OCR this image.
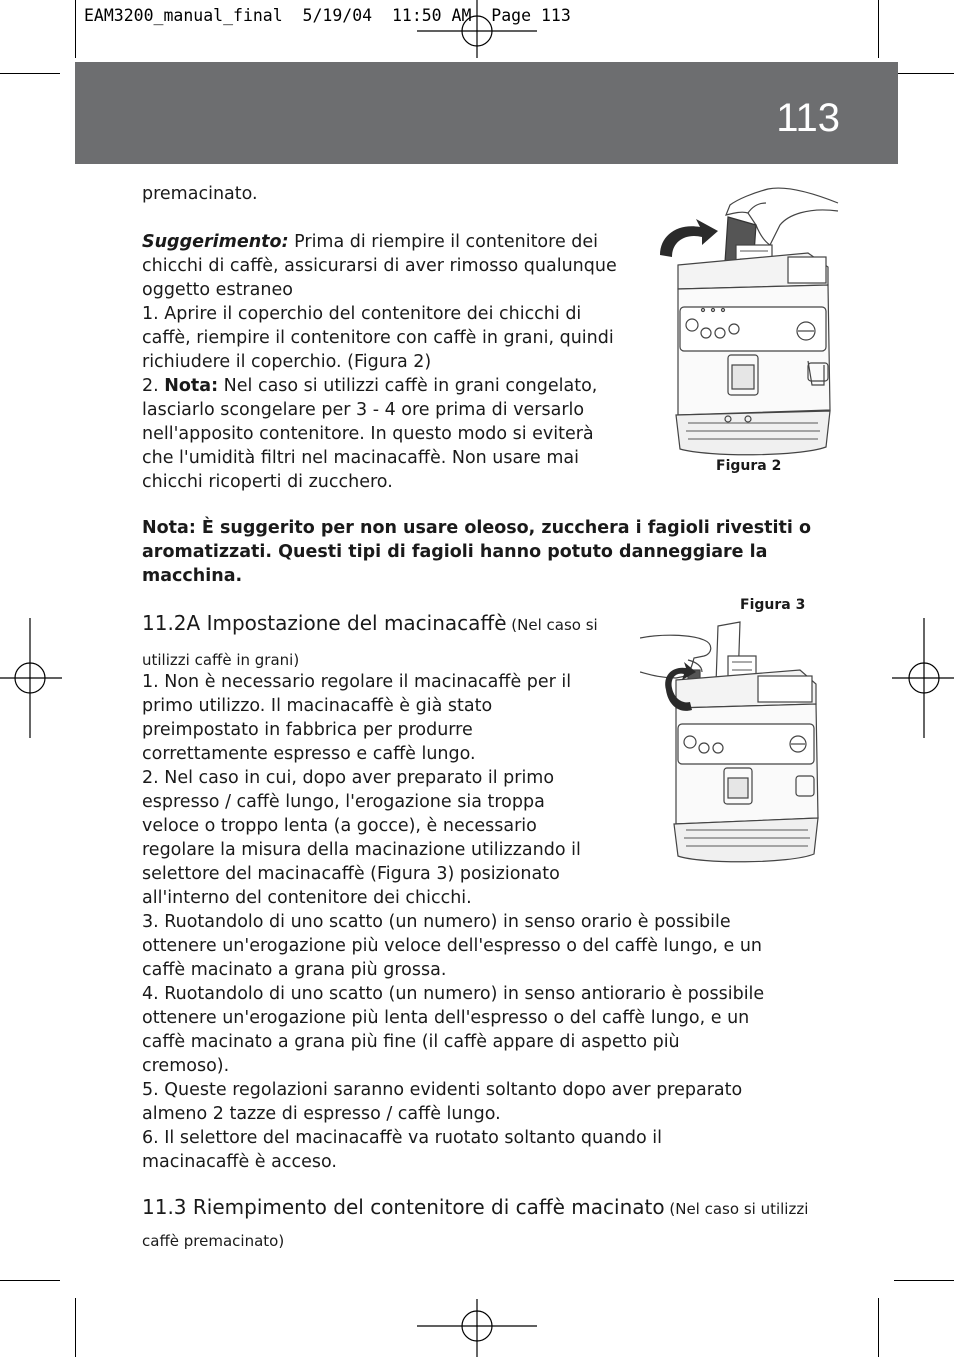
EAM3200_manual_final  5/19/04  11:50 AM  Page 113
113

premacinato.

Suggerimento: Prima di riempire il contenitore dei

chicchi di caffè, assicurarsi di aver rimosso qualunque

oggetto estraneo

1. Aprire il coperchio del contenitore dei chicchi di

caffè, riempire il contenitore con caffè in grani, quindi

richiudere il coperchio. (Figura 2)

2. Nota: Nel caso si utilizzi caffè in grani congelato,

lasciarlo scongelare per 3 - 4 ore prima di versarlo

nell'apposito contenitore. In questo modo si eviterà

che l'umidità filtri nel macinacaffè. Non usare mai

chicchi ricoperti di zucchero.

Nota: È suggerito per non usare oleoso, zucchera i fagioli rivestiti o

aromatizzati. Questi tipi di fagioli hanno potuto danneggiare la

macchina.

11.2A Impostazione del macinacaffè (Nel caso si
utilizzi caffè in grani)

1. Non è necessario regolare il macinacaffè per il

primo utilizzo. Il macinacaffè è già stato

preimpostato in fabbrica per produrre

correttamente espresso e caffè lungo.

2. Nel caso in cui, dopo aver preparato il primo

espresso / caffè lungo, l'erogazione sia troppa

veloce o troppo lenta (a gocce), è necessario

regolare la misura della macinazione utilizzando il

selettore del macinacaffè (Figura 3) posizionato

all'interno del contenitore dei chicchi.

3. Ruotandolo di uno scatto (un numero) in senso orario è possibile

ottenere un'erogazione più veloce dell'espresso o del caffè lungo, e un

caffè macinato a grana più grossa.

4. Ruotandolo di uno scatto (un numero) in senso antiorario è possibile

ottenere un'erogazione più lenta dell'espresso o del caffè lungo, e un

caffè macinato a grana più fine (il caffè appare di aspetto più

cremoso).

5. Queste regolazioni saranno evidenti soltanto dopo aver preparato

almeno 2 tazze di espresso / caffè lungo.

6. Il selettore del macinacaffè va ruotato soltanto quando il

macinacaffè è acceso.

11.3 Riempimento del contenitore di caffè macinato (Nel caso si utilizzi
caffè premacinato)
Figura 2
Figura 3
